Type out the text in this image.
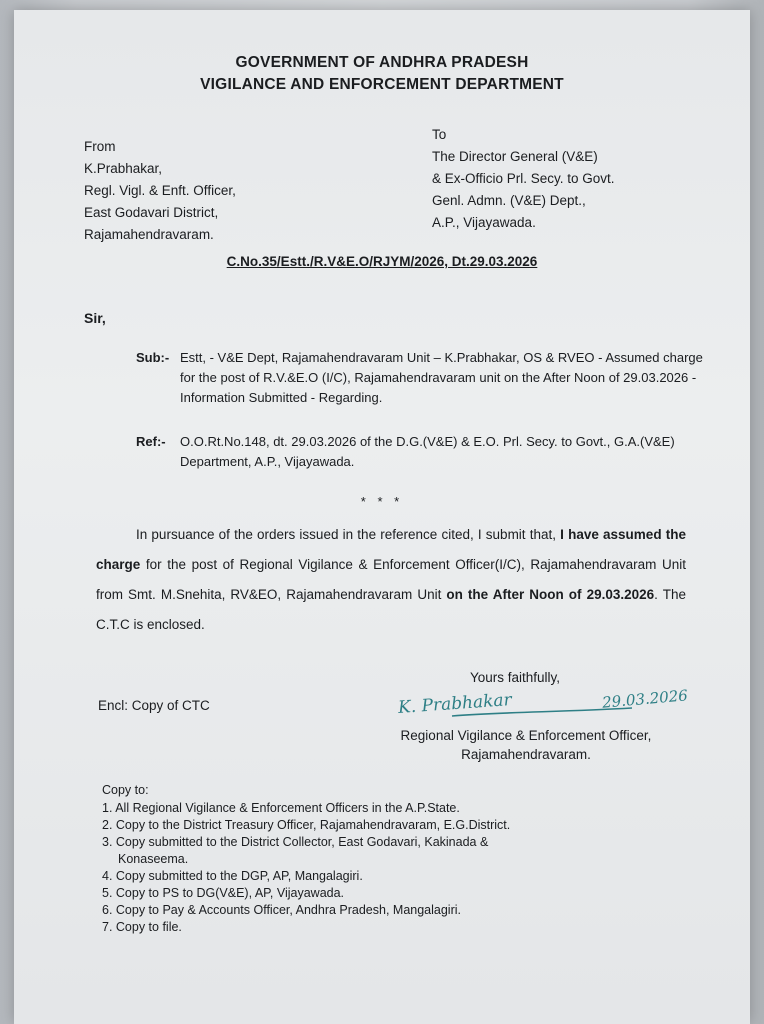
GOVERNMENT OF ANDHRA PRADESH
VIGILANCE AND ENFORCEMENT DEPARTMENT
From
K.Prabhakar,
Regl. Vigl. & Enft. Officer,
East Godavari District,
Rajamahendravaram.
To
The Director General (V&E)
& Ex-Officio Prl. Secy. to Govt.
Genl. Admn. (V&E) Dept.,
A.P., Vijayawada.
C.No.35/Estt./R.V&E.O/RJYM/2026, Dt.29.03.2026
Sir,
Sub:- Estt, - V&E Dept, Rajamahendravaram Unit – K.Prabhakar, OS & RVEO - Assumed charge for the post of R.V.&E.O (I/C), Rajamahendravaram unit on the After Noon of 29.03.2026 - Information Submitted - Regarding.
Ref:- O.O.Rt.No.148, dt. 29.03.2026 of the D.G.(V&E) & E.O. Prl. Secy. to Govt., G.A.(V&E) Department, A.P., Vijayawada.
* * *
In pursuance of the orders issued in the reference cited, I submit that, I have assumed the charge for the post of Regional Vigilance & Enforcement Officer(I/C), Rajamahendravaram Unit from Smt. M.Snehita, RV&EO, Rajamahendravaram Unit on the After Noon of 29.03.2026. The C.T.C is enclosed.
Yours faithfully,
Encl: Copy of CTC	K. Prabhakar	29.03.2026
Regional Vigilance & Enforcement Officer,
Rajamahendravaram.
Copy to:
1. All Regional Vigilance & Enforcement Officers in the A.P.State.
2. Copy to the District Treasury Officer, Rajamahendravaram, E.G.District.
3. Copy submitted to the District Collector, East Godavari, Kakinada &
Konaseema.
4. Copy submitted to the DGP, AP, Mangalagiri.
5. Copy to PS to DG(V&E), AP, Vijayawada.
6. Copy to Pay & Accounts Officer, Andhra Pradesh, Mangalagiri.
7. Copy to file.
